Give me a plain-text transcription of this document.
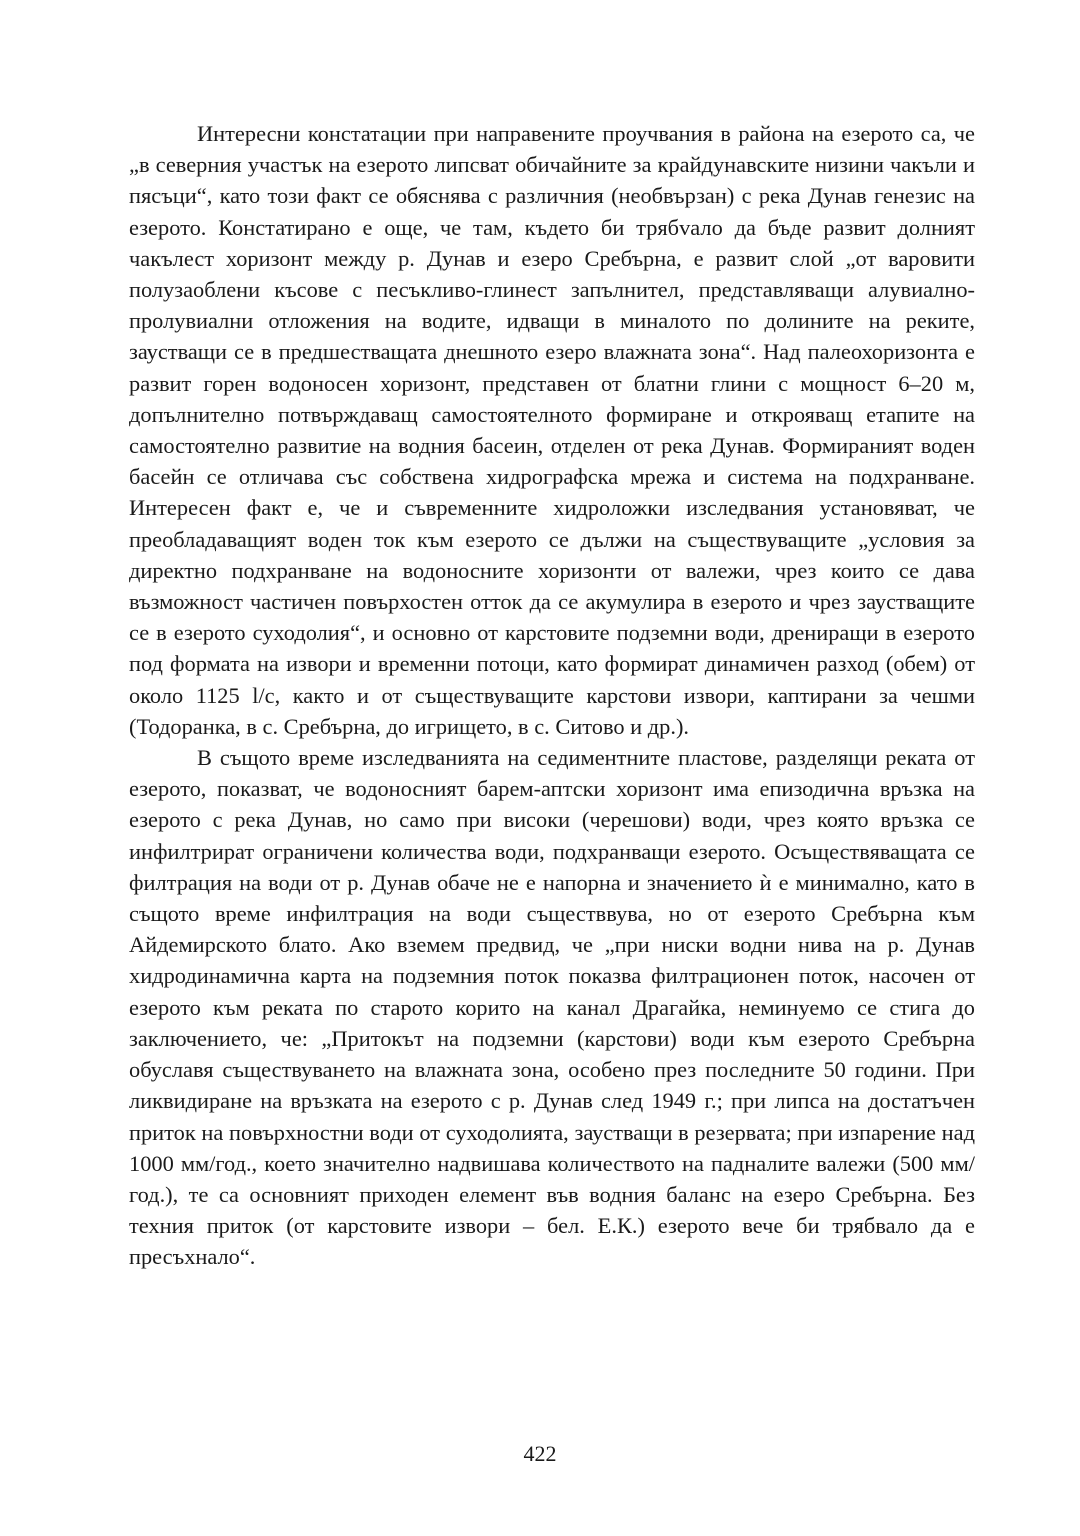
Интересни констатации при направените проучвания в района на езерото са, че „в северния участък на езерото липсват обичайните за крайдунавските низини чакъли и пясъци“, като този факт се обяснява с различния (необвързан) с река Дунав генезис на езерото. Констатирано е още, че там, където би трябvало да бъде развит долният чакълест хоризонт между р. Дунав и езеро Сребърна, е развит слой „от варовити полузаоблени късове с песъкливо-глинест запълнител, представляващи алувиално-пролувиални отложения на водите, идващи в миналото по долините на реките, заустващи се в предшестващата днешното езеро влажната зона“. Над палеохоризонта е развит горен водоносен хоризонт, представен от блатни глини с мощност 6–20 м, допълнително потвърждаващ самостоятелното формиране и открояващ етапите на самостоятелно развитие на водния басеин, отделен от река Дунав. Формираният воден басейн се отличава със собствена хидрографска мрежа и система на подхранване. Интересен факт е, че и съвременните хидроложки изследвания установяват, че преобладаващият воден ток към езерото се дължи на съществуващите „условия за директно подхранване на водоносните хоризонти от валежи, чрез които се дава възможност частичен повърхостен отток да се акумулира в езерото и чрез заустващите се в езерото суходолия“, и основно от карстовите подземни води, дрениращи в езерото под формата на извори и временни потоци, като формират динамичен разход (обем) от около 1125 l/с, както и от съществуващите карстови извори, каптирани за чешми (Тодоранка, в с. Сребърна, до игрището, в с. Ситово и др.).

В същото време изследванията на седиментните пластове, разделящи реката от езерото, показват, че водоносният барем-аптски хоризонт има епизодична връзка на езерото с река Дунав, но само при високи (черешови) води, чрез която връзка се инфилтрират ограничени количества води, подхранващи езерото. Осъществяващата се филтрация на води от р. Дунав обаче не е напорна и значението ѝ е минимално, като в същото време инфилтрация на води съществвува, но от езерото Сребърна към Айдемирското блато. Ако вземем предвид, че „при ниски водни нива на р. Дунав хидродинамична карта на подземния поток показва филтрационен поток, насочен от езерото към реката по старото корито на канал Драгайка, неминуемо се стига до заключението, че: „Притокът на подземни (карстови) води към езерото Сребърна обуславя съществуването на влажната зона, особено през последните 50 години. При ликвидиране на връзката на езерото с р. Дунав след 1949 г.; при липса на достатъчен приток на повърхностни води от суходолията, заустващи в резервата; при изпарение над 1000 мм/год., което значително надвишава количеството на падналите валежи (500 мм/год.), те са основният приходен елемент във водния баланс на езеро Сребърна. Без техния приток (от карстовите извори – бел. Е.К.) езерото вече би трябвало да е пресъхнало“.

422
